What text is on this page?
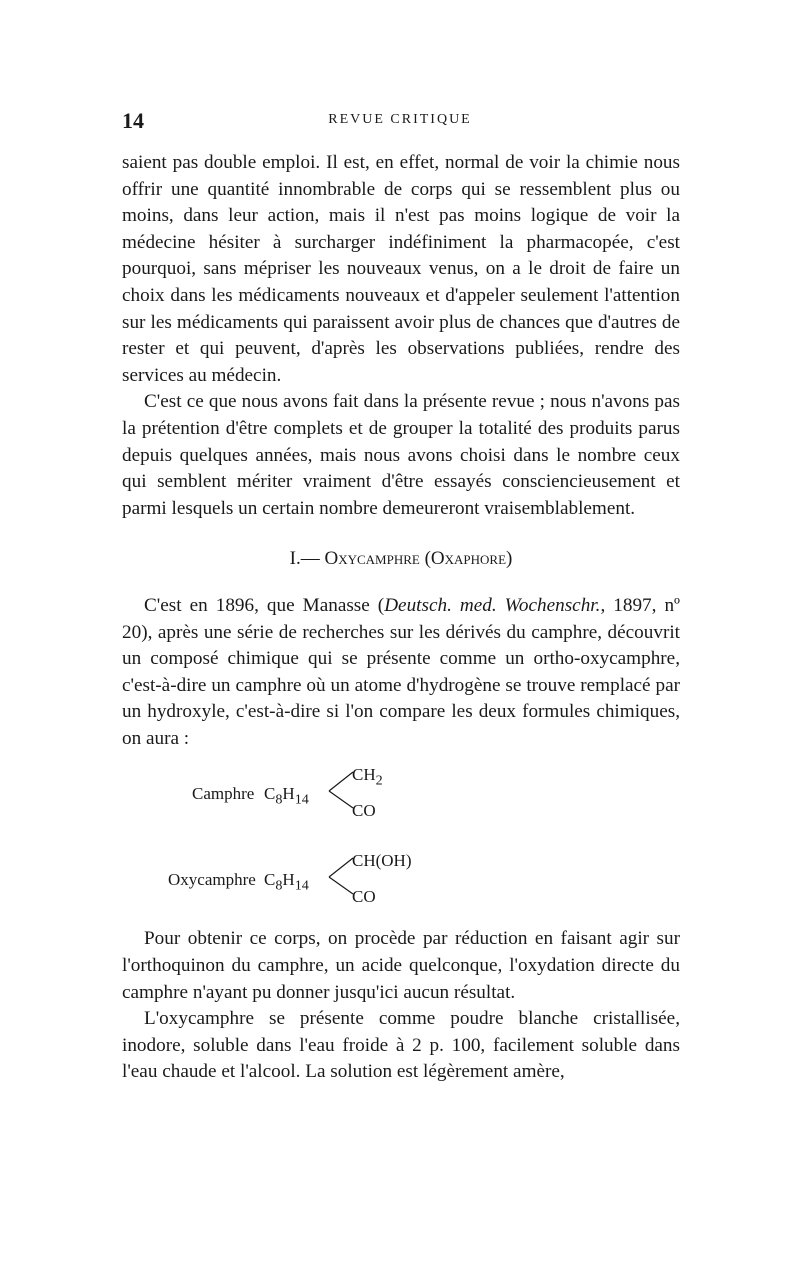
14	REVUE CRITIQUE

saient pas double emploi. Il est, en effet, normal de voir la chimie nous offrir une quantité innombrable de corps qui se ressemblent plus ou moins, dans leur action, mais il n'est pas moins logique de voir la médecine hésiter à surcharger indéfiniment la pharmacopée, c'est pourquoi, sans mépriser les nouveaux venus, on a le droit de faire un choix dans les médicaments nouveaux et d'appeler seulement l'attention sur les médicaments qui paraissent avoir plus de chances que d'autres de rester et qui peuvent, d'après les observations publiées, rendre des services au médecin.

C'est ce que nous avons fait dans la présente revue ; nous n'avons pas la prétention d'être complets et de grouper la totalité des produits parus depuis quelques années, mais nous avons choisi dans le nombre ceux qui semblent mériter vraiment d'être essayés consciencieusement et parmi lesquels un certain nombre demeureront vraisemblablement.

I.— Oxycamphre (Oxaphore)

C'est en 1896, que Manasse (Deutsch. med. Wochenschr., 1897, nº 20), après une série de recherches sur les dérivés du camphre, découvrit un composé chimique qui se présente comme un ortho-oxycamphre, c'est-à-dire un camphre où un atome d'hydrogène se trouve remplacé par un hydroxyle, c'est-à-dire si l'on compare les deux formules chimiques, on aura :

Camphre $C_8H_{14}$
$CH_2$
CO
Oxycamphre $C_8H_{14}$
CH(OH)
CO

Pour obtenir ce corps, on procède par réduction en faisant agir sur l'orthoquinon du camphre, un acide quelconque, l'oxydation directe du camphre n'ayant pu donner jusqu'ici aucun résultat.

L'oxycamphre se présente comme poudre blanche cristallisée, inodore, soluble dans l'eau froide à 2 p. 100, facilement soluble dans l'eau chaude et l'alcool. La solution est légèrement amère,
